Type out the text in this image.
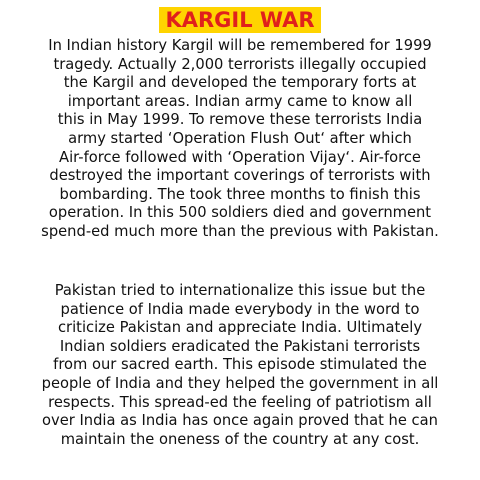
KARGIL WAR
In Indian history Kargil will be remembered for 1999
tragedy. Actually 2,000 terrorists illegally occupied
the Kargil and developed the temporary forts at
important areas. Indian army came to know all
this in May 1999. To remove these terrorists India
army started ‘Operation Flush Out‘ after which
Air-force followed with ‘Operation Vijay‘. Air-force
destroyed the important coverings of terrorists with
bombarding. The took three months to finish this
operation. In this 500 soldiers died and government
spend-ed much more than the previous with Pakistan.
Pakistan tried to internationalize this issue but the
patience of India made everybody in the word to
criticize Pakistan and appreciate India. Ultimately
Indian soldiers eradicated the Pakistani terrorists
from our sacred earth. This episode stimulated the
people of India and they helped the government in all
respects. This spread-ed the feeling of patriotism all
over India as India has once again proved that he can
maintain the oneness of the country at any cost.
